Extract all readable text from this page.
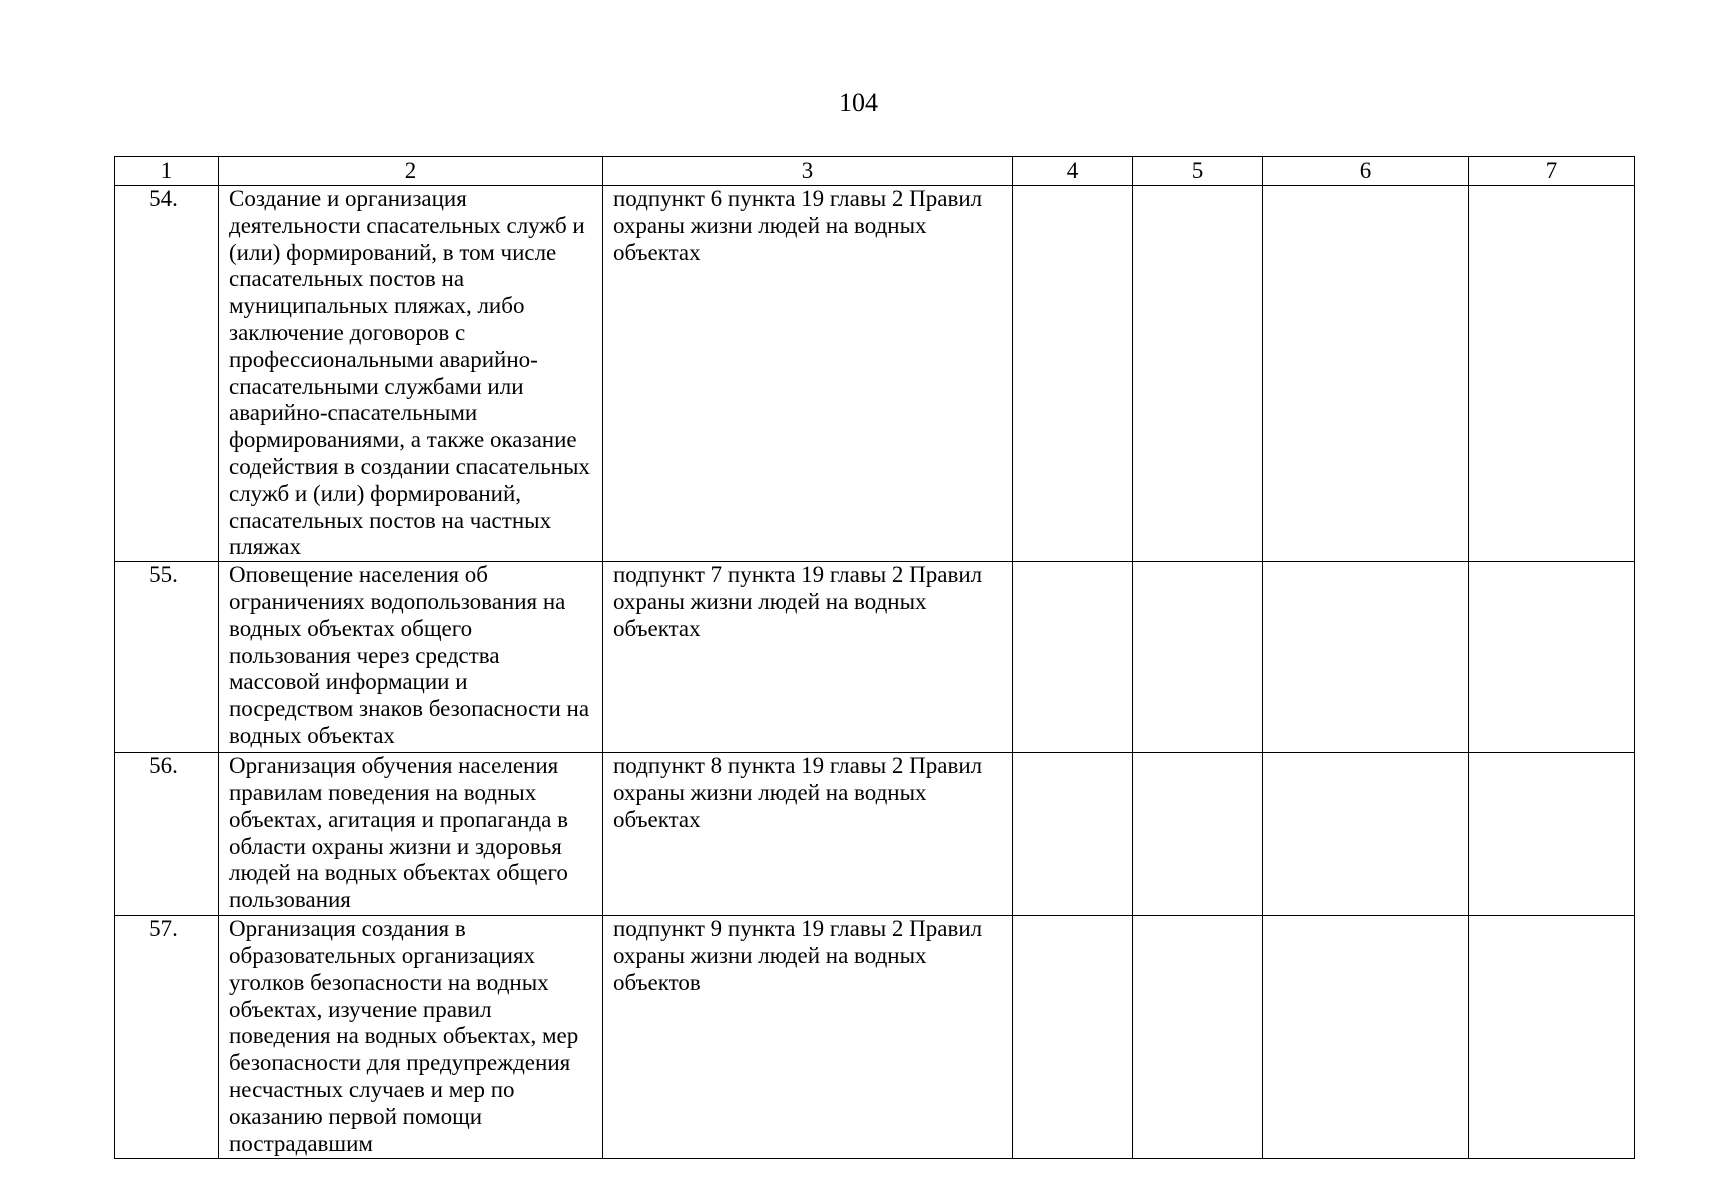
104
1	2	3	4	5	6	7
54.	Создание и организация деятельности спасательных служб и (или) формирований, в том числе спасательных постов на муниципальных пляжах, либо заключение договоров с профессиональными аварийно-спасательными службами или аварийно-спасательными формированиями, а также оказание содействия в создании спасательных служб и (или) формирований, спасательных постов на частных пляжах	подпункт 6 пункта 19 главы 2 Правил охраны жизни людей на водных объектах				
55.	Оповещение населения об ограничениях водопользования на водных объектах общего пользования через средства массовой информации и посредством знаков безопасности на водных объектах	подпункт 7 пункта 19 главы 2 Правил охраны жизни людей на водных объектах				
56.	Организация обучения населения правилам поведения на водных объектах, агитация и пропаганда в области охраны жизни и здоровья людей на водных объектах общего пользования	подпункт 8 пункта 19 главы 2 Правил охраны жизни людей на водных объектах				
57.	Организация создания в образовательных организациях уголков безопасности на водных объектах, изучение правил поведения на водных объектах, мер безопасности для предупреждения несчастных случаев и мер по оказанию первой помощи пострадавшим	подпункт 9 пункта 19 главы 2 Правил охраны жизни людей на водных объектов				
